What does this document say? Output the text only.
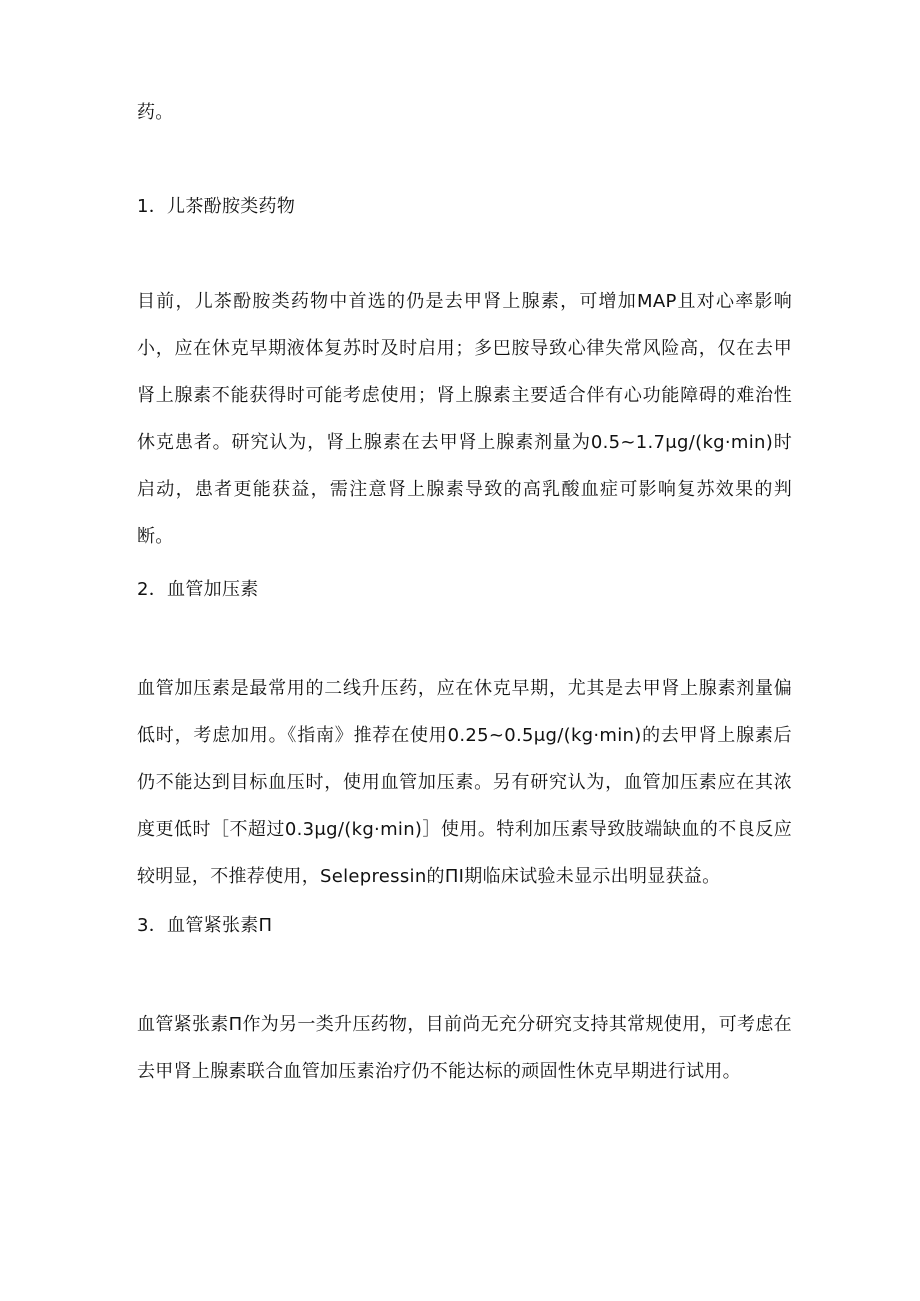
药。

1．儿茶酚胺类药物

目前，儿茶酚胺类药物中首选的仍是去甲肾上腺素，可增加MAP且对心率影响小，应在休克早期液体复苏时及时启用；多巴胺导致心律失常风险高，仅在去甲肾上腺素不能获得时可能考虑使用；肾上腺素主要适合伴有心功能障碍的难治性休克患者。研究认为，肾上腺素在去甲肾上腺素剂量为0.5~1.7μg/(kg·min)时启动，患者更能获益，需注意肾上腺素导致的高乳酸血症可影响复苏效果的判断。

2．血管加压素

血管加压素是最常用的二线升压药，应在休克早期，尤其是去甲肾上腺素剂量偏低时，考虑加用。《指南》推荐在使用0.25~0.5μg/(kg·min)的去甲肾上腺素后仍不能达到目标血压时，使用血管加压素。另有研究认为，血管加压素应在其浓度更低时［不超过0.3μg/(kg·min)］使用。特利加压素导致肢端缺血的不良反应较明显，不推荐使用，Selepressin的ΠI期临床试验未显示出明显获益。

3．血管紧张素Π

血管紧张素Π作为另一类升压药物，目前尚无充分研究支持其常规使用，可考虑在去甲肾上腺素联合血管加压素治疗仍不能达标的顽固性休克早期进行试用。
